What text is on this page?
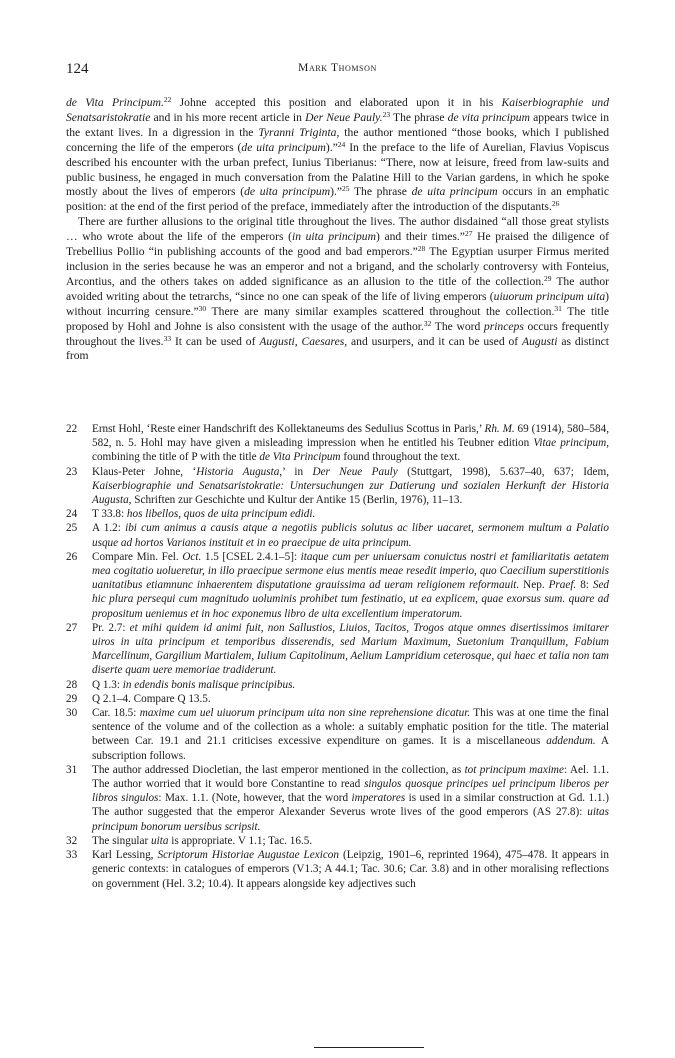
124	Mark Thomson

de Vita Principum.$^{22}$ Johne accepted this position and elaborated upon it in his Kaiserbiographie und Senatsaristokratie and in his more recent article in Der Neue Pauly.$^{23}$ The phrase de vita principum appears twice in the extant lives. In a digression in the Tyranni Triginta, the author mentioned “those books, which I published concerning the life of the emperors (de uita principum).”$^{24}$ In the preface to the life of Aurelian, Flavius Vopiscus described his encounter with the urban prefect, Iunius Tiberianus: “There, now at leisure, freed from law-suits and public business, he engaged in much conversation from the Palatine Hill to the Varian gardens, in which he spoke mostly about the lives of emperors (de uita principum).”$^{25}$ The phrase de uita principum occurs in an emphatic position: at the end of the first period of the preface, immediately after the introduction of the disputants.$^{26}$

There are further allusions to the original title throughout the lives. The author disdained “all those great stylists … who wrote about the life of the emperors (in uita principum) and their times.”$^{27}$ He praised the diligence of Trebellius Pollio “in publishing accounts of the good and bad emperors.”$^{28}$ The Egyptian usurper Firmus merited inclusion in the series because he was an emperor and not a brigand, and the scholarly controversy with Fonteius, Arcontius, and the others takes on added significance as an allusion to the title of the collection.$^{29}$ The author avoided writing about the tetrarchs, “since no one can speak of the life of living emperors (uiuorum principum uita) without incurring censure.”$^{30}$ There are many similar examples scattered throughout the collection.$^{31}$ The title proposed by Hohl and Johne is also consistent with the usage of the author.$^{32}$ The word princeps occurs frequently throughout the lives.$^{33}$ It can be used of Augusti, Caesares, and usurpers, and it can be used of Augusti as distinct from

22	Ernst Hohl, ‘Reste einer Handschrift des Kollektaneums des Sedulius Scottus in Paris,’ Rh. M. 69 (1914), 580–584, 582, n. 5. Hohl may have given a misleading impression when he entitled his Teubner edition Vitae principum, combining the title of P with the title de Vita Principum found throughout the text.
23	Klaus-Peter Johne, ‘Historia Augusta,’ in Der Neue Pauly (Stuttgart, 1998), 5.637–40, 637; Idem, Kaiserbiographie und Senatsaristokratie: Untersuchungen zur Datierung und sozialen Herkunft der Historia Augusta, Schriften zur Geschichte und Kultur der Antike 15 (Berlin, 1976), 11–13.
24	T 33.8: hos libellos, quos de uita principum edidi.
25	A 1.2: ibi cum animus a causis atque a negotiis publicis solutus ac liber uacaret, sermonem multum a Palatio usque ad hortos Varianos instituit et in eo praecipue de uita principum.
26	Compare Min. Fel. Oct. 1.5 [CSEL 2.4.1–5]: itaque cum per uniuersam conuictus nostri et familiaritatis aetatem mea cogitatio uolueretur, in illo praecipue sermone eius mentis meae resedit imperio, quo Caecilium superstitionis uanitatibus etiamnunc inhaerentem disputatione grauissima ad ueram religionem reformauit. Nep. Praef. 8: Sed hic plura persequi cum magnitudo uoluminis prohibet tum festinatio, ut ea explicem, quae exorsus sum. quare ad propositum ueniemus et in hoc exponemus libro de uita excellentium imperatorum.
27	Pr. 2.7: et mihi quidem id animi fuit, non Sallustios, Liuios, Tacitos, Trogos atque omnes disertissimos imitarer uiros in uita principum et temporibus disserendis, sed Marium Maximum, Suetonium Tranquillum, Fabium Marcellinum, Gargilium Martialem, Iulium Capitolinum, Aelium Lampridium ceterosque, qui haec et talia non tam diserte quam uere memoriae tradiderunt.
28	Q 1.3: in edendis bonis malisque principibus.
29	Q 2.1–4. Compare Q 13.5.
30	Car. 18.5: maxime cum uel uiuorum principum uita non sine reprehensione dicatur. This was at one time the final sentence of the volume and of the collection as a whole: a suitably emphatic position for the title. The material between Car. 19.1 and 21.1 criticises excessive expenditure on games. It is a miscellaneous addendum. A subscription follows.
31	The author addressed Diocletian, the last emperor mentioned in the collection, as tot principum maxime: Ael. 1.1. The author worried that it would bore Constantine to read singulos quosque principes uel principum liberos per libros singulos: Max. 1.1. (Note, however, that the word imperatores is used in a similar construction at Gd. 1.1.) The author suggested that the emperor Alexander Severus wrote lives of the good emperors (AS 27.8): uitas principum bonorum uersibus scripsit.
32	The singular uita is appropriate. V 1.1; Tac. 16.5.
33	Karl Lessing, Scriptorum Historiae Augustae Lexicon (Leipzig, 1901–6, reprinted 1964), 475–478. It appears in generic contexts: in catalogues of emperors (V1.3; A 44.1; Tac. 30.6; Car. 3.8) and in other moralising reflections on government (Hel. 3.2; 10.4). It appears alongside key adjectives such
